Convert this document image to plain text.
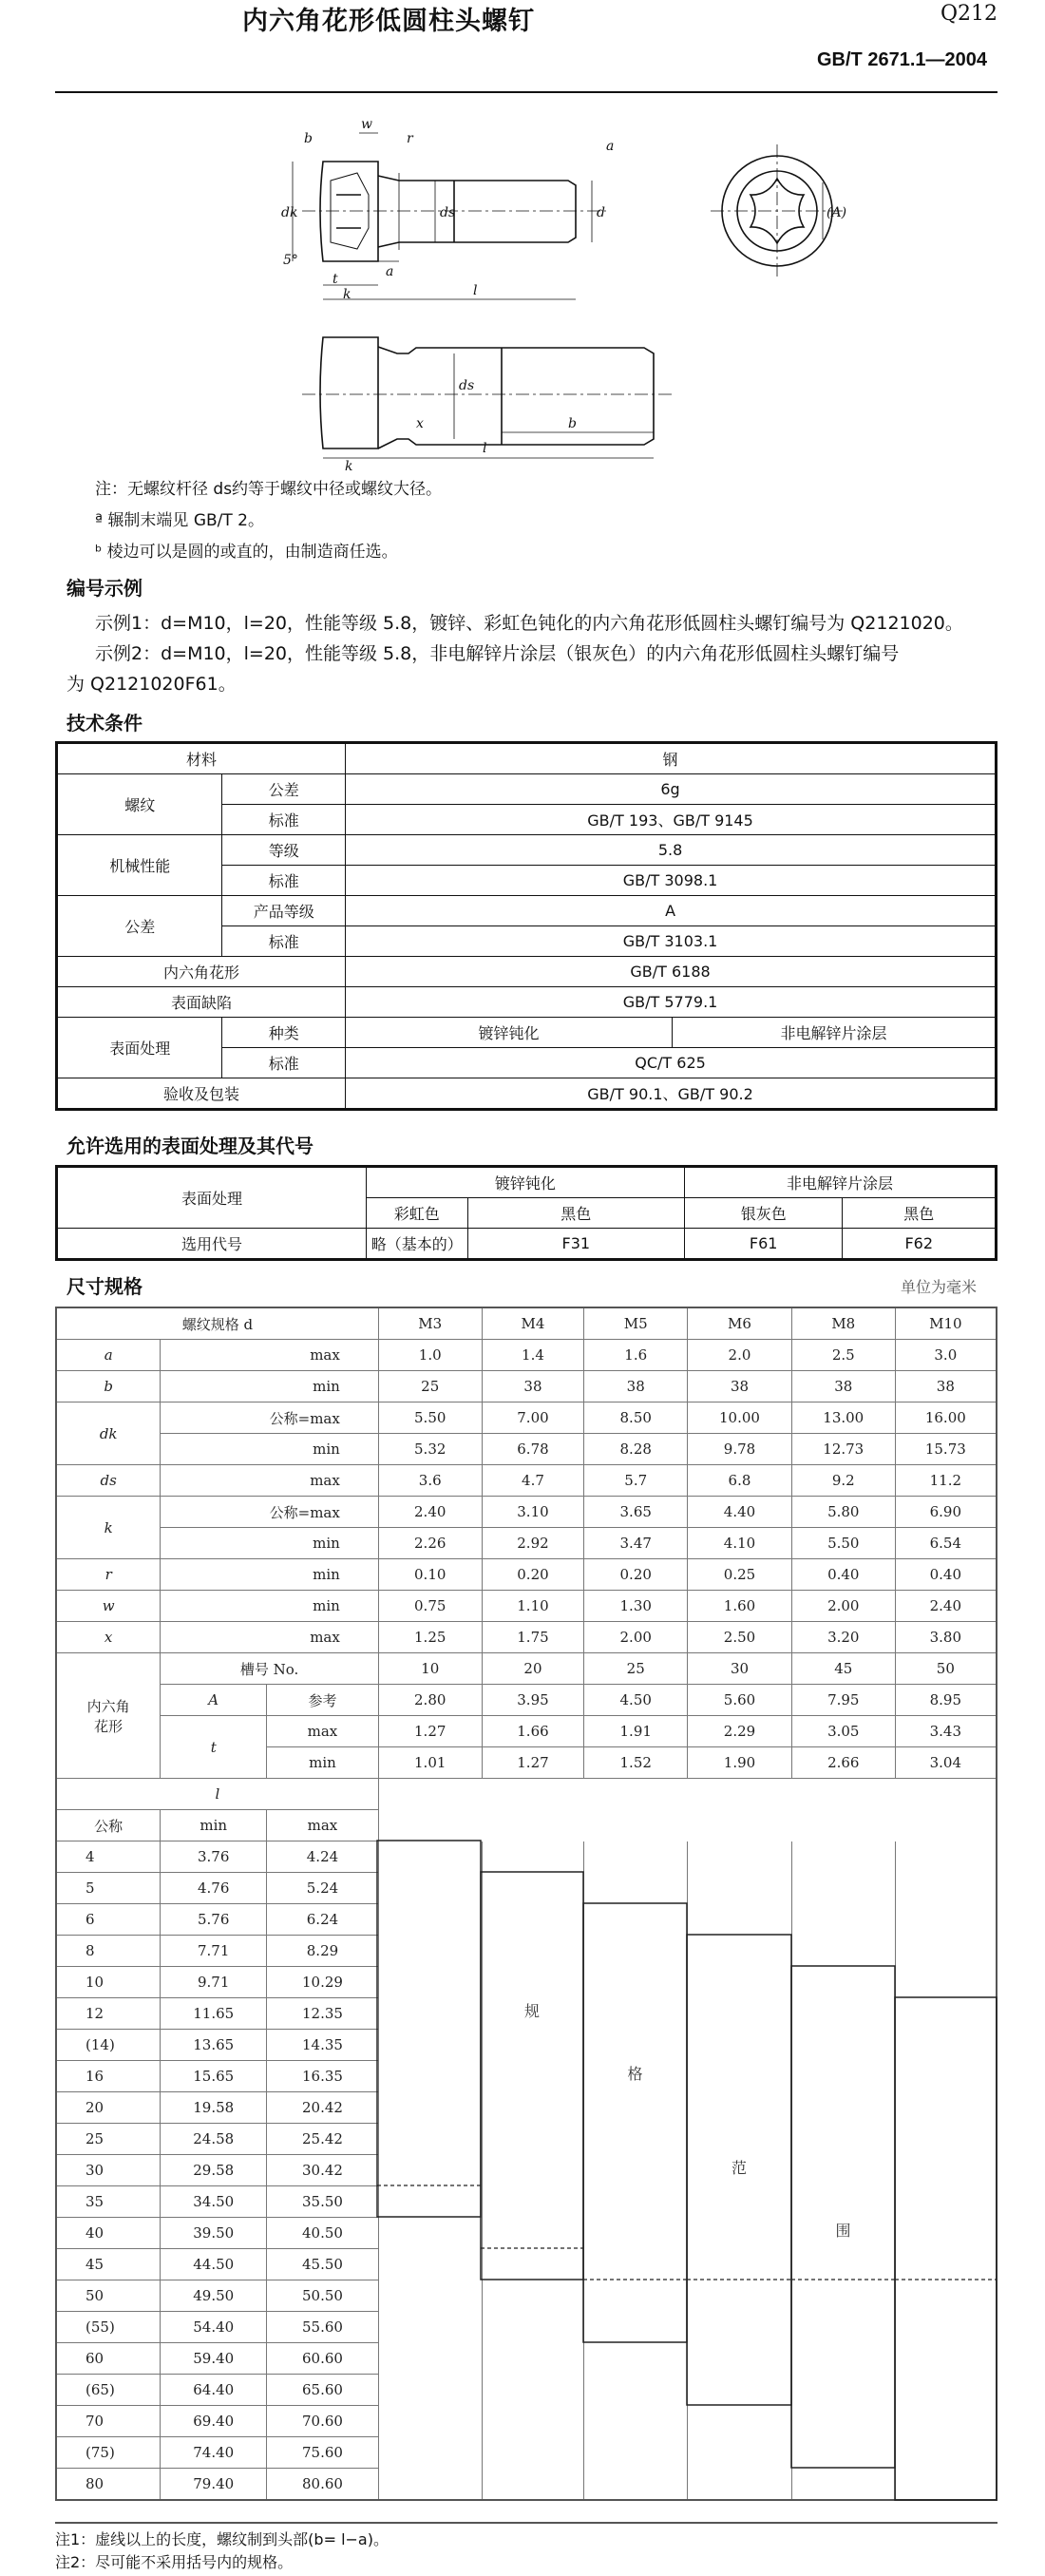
内六角花形低圆柱头螺钉	Q212
GB/T 2671.1—2004
b
w
r	a
d
dk	ds
k
t	a
l
(A)
5°
x	b
l
ds
k
注：无螺纹杆径 ds约等于螺纹中径或螺纹大径。
ª 辗制末端见 GB/T 2。
ᵇ 棱边可以是圆的或直的，由制造商任选。
编号示例
示例1：d=M10，l=20，性能等级 5.8，镀锌、彩虹色钝化的内六角花形低圆柱头螺钉编号为 Q2121020。
示例2：d=M10，l=20，性能等级 5.8，非电解锌片涂层（银灰色）的内六角花形低圆柱头螺钉编号
为 Q2121020F61。
技术条件
材料		钢	
螺纹	公差	6g	
	标准	GB/T 193、GB/T 9145	
机械性能	等级	5.8	
	标准	GB/T 3098.1	
公差	产品等级	A	
	标准	GB/T 3103.1	
内六角花形		GB/T 6188	
表面缺陷		GB/T 5779.1	
表面处理	种类	镀锌钝化	非电解锌片涂层
	标准	QC/T 625	
验收及包装		GB/T 90.1、GB/T 90.2	
允许选用的表面处理及其代号
表面处理	镀锌钝化		非电解锌片涂层	
	彩虹色	黑色	银灰色	黑色
选用代号	略（基本的）	F31	F61	F62
尺寸规格	单位为毫米
螺纹规格 d			M3	M4	M5	M6	M8	M10
a	max		1.0	1.4	1.6	2.0	2.5	3.0
b	min		25	38	38	38	38	38
dk	公称=max		5.50	7.00	8.50	10.00	13.00	16.00
	min		5.32	6.78	8.28	9.78	12.73	15.73
ds	max		3.6	4.7	5.7	6.8	9.2	11.2
k	公称=max		2.40	3.10	3.65	4.40	5.80	6.90
	min		2.26	2.92	3.47	4.10	5.50	6.54
r	min		0.10	0.20	0.20	0.25	0.40	0.40
w	min		0.75	1.10	1.30	1.60	2.00	2.40
x	max		1.25	1.75	2.00	2.50	3.20	3.80

内六角
花形	槽号 No.		10	20	25	30	45	50
	A	参考	2.80	3.95	4.50	5.60	7.95	8.95
	t	max	1.27	1.66	1.91	2.29	3.05	3.43
		min	1.01	1.27	1.52	1.90	2.66	3.04
l								
公称	min	max						
4	3.76	4.24						
5	4.76	5.24						
6	5.76	6.24						
8	7.71	8.29						
10	9.71	10.29						
12	11.65	12.35						
(14)	13.65	14.35						
16	15.65	16.35						
20	19.58	20.42						
25	24.58	25.42						
30	29.58	30.42						
35	34.50	35.50						
40	39.50	40.50						
45	44.50	45.50						
50	49.50	50.50						
(55)	54.40	55.60						
60	59.40	60.60						
(65)	64.40	65.60						
70	69.40	70.60						
(75)	74.40	75.60						
80	79.40	80.60						
规
格
范
围
注1：虚线以上的长度，螺纹制到头部(b= l−a)。
注2：尽可能不采用括号内的规格。
